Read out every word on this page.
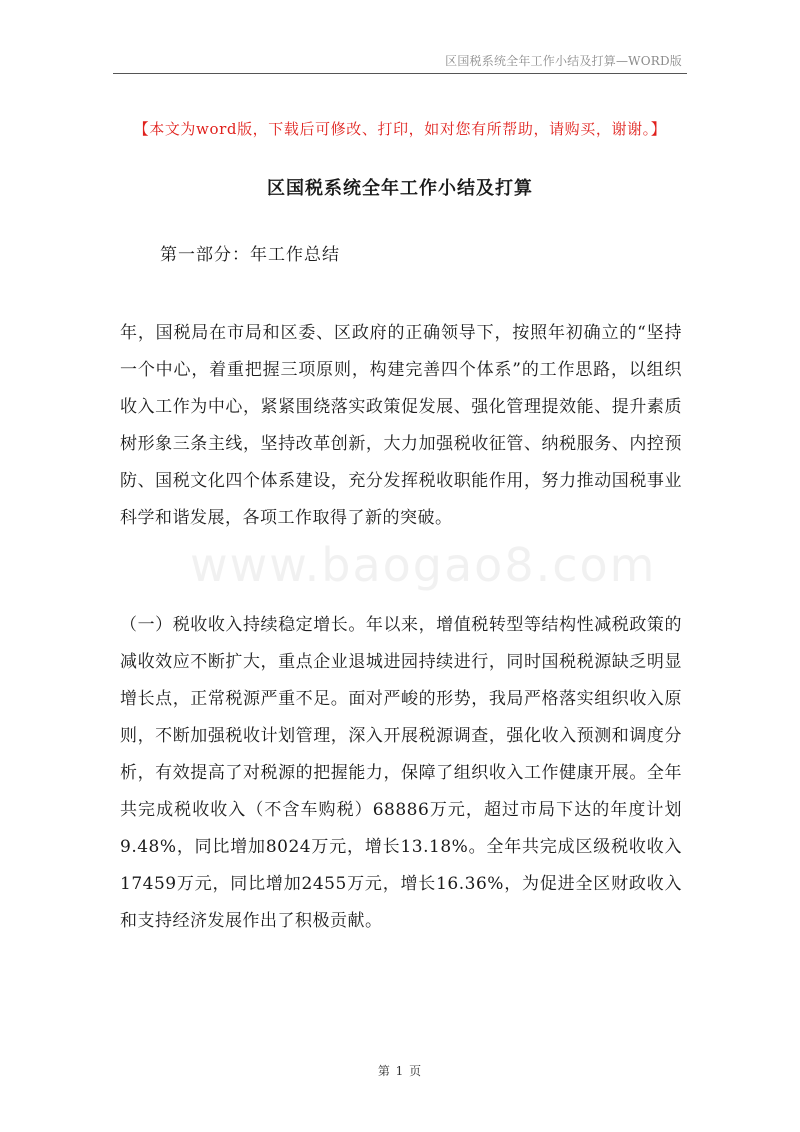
区国税系统全年工作小结及打算—WORD版
【本文为word版，下载后可修改、打印，如对您有所帮助，请购买，谢谢。】
区国税系统全年工作小结及打算
第一部分：年工作总结

年，国税局在市局和区委、区政府的正确领导下，按照年初确立的“坚持一个中心，着重把握三项原则，构建完善四个体系”的工作思路，以组织收入工作为中心，紧紧围绕落实政策促发展、强化管理提效能、提升素质树形象三条主线，坚持改革创新，大力加强税收征管、纳税服务、内控预防、国税文化四个体系建设，充分发挥税收职能作用，努力推动国税事业科学和谐发展，各项工作取得了新的突破。

www.baogao8.com

（一）税收收入持续稳定增长。年以来，增值税转型等结构性减税政策的减收效应不断扩大，重点企业退城进园持续进行，同时国税税源缺乏明显增长点，正常税源严重不足。面对严峻的形势，我局严格落实组织收入原则，不断加强税收计划管理，深入开展税源调查，强化收入预测和调度分析，有效提高了对税源的把握能力，保障了组织收入工作健康开展。全年共完成税收收入（不含车购税）68886万元，超过市局下达的年度计划9.48%，同比增加8024万元，增长13.18%。全年共完成区级税收收入17459万元，同比增加2455万元，增长16.36%，为促进全区财政收入和支持经济发展作出了积极贡献。

第 1 页
